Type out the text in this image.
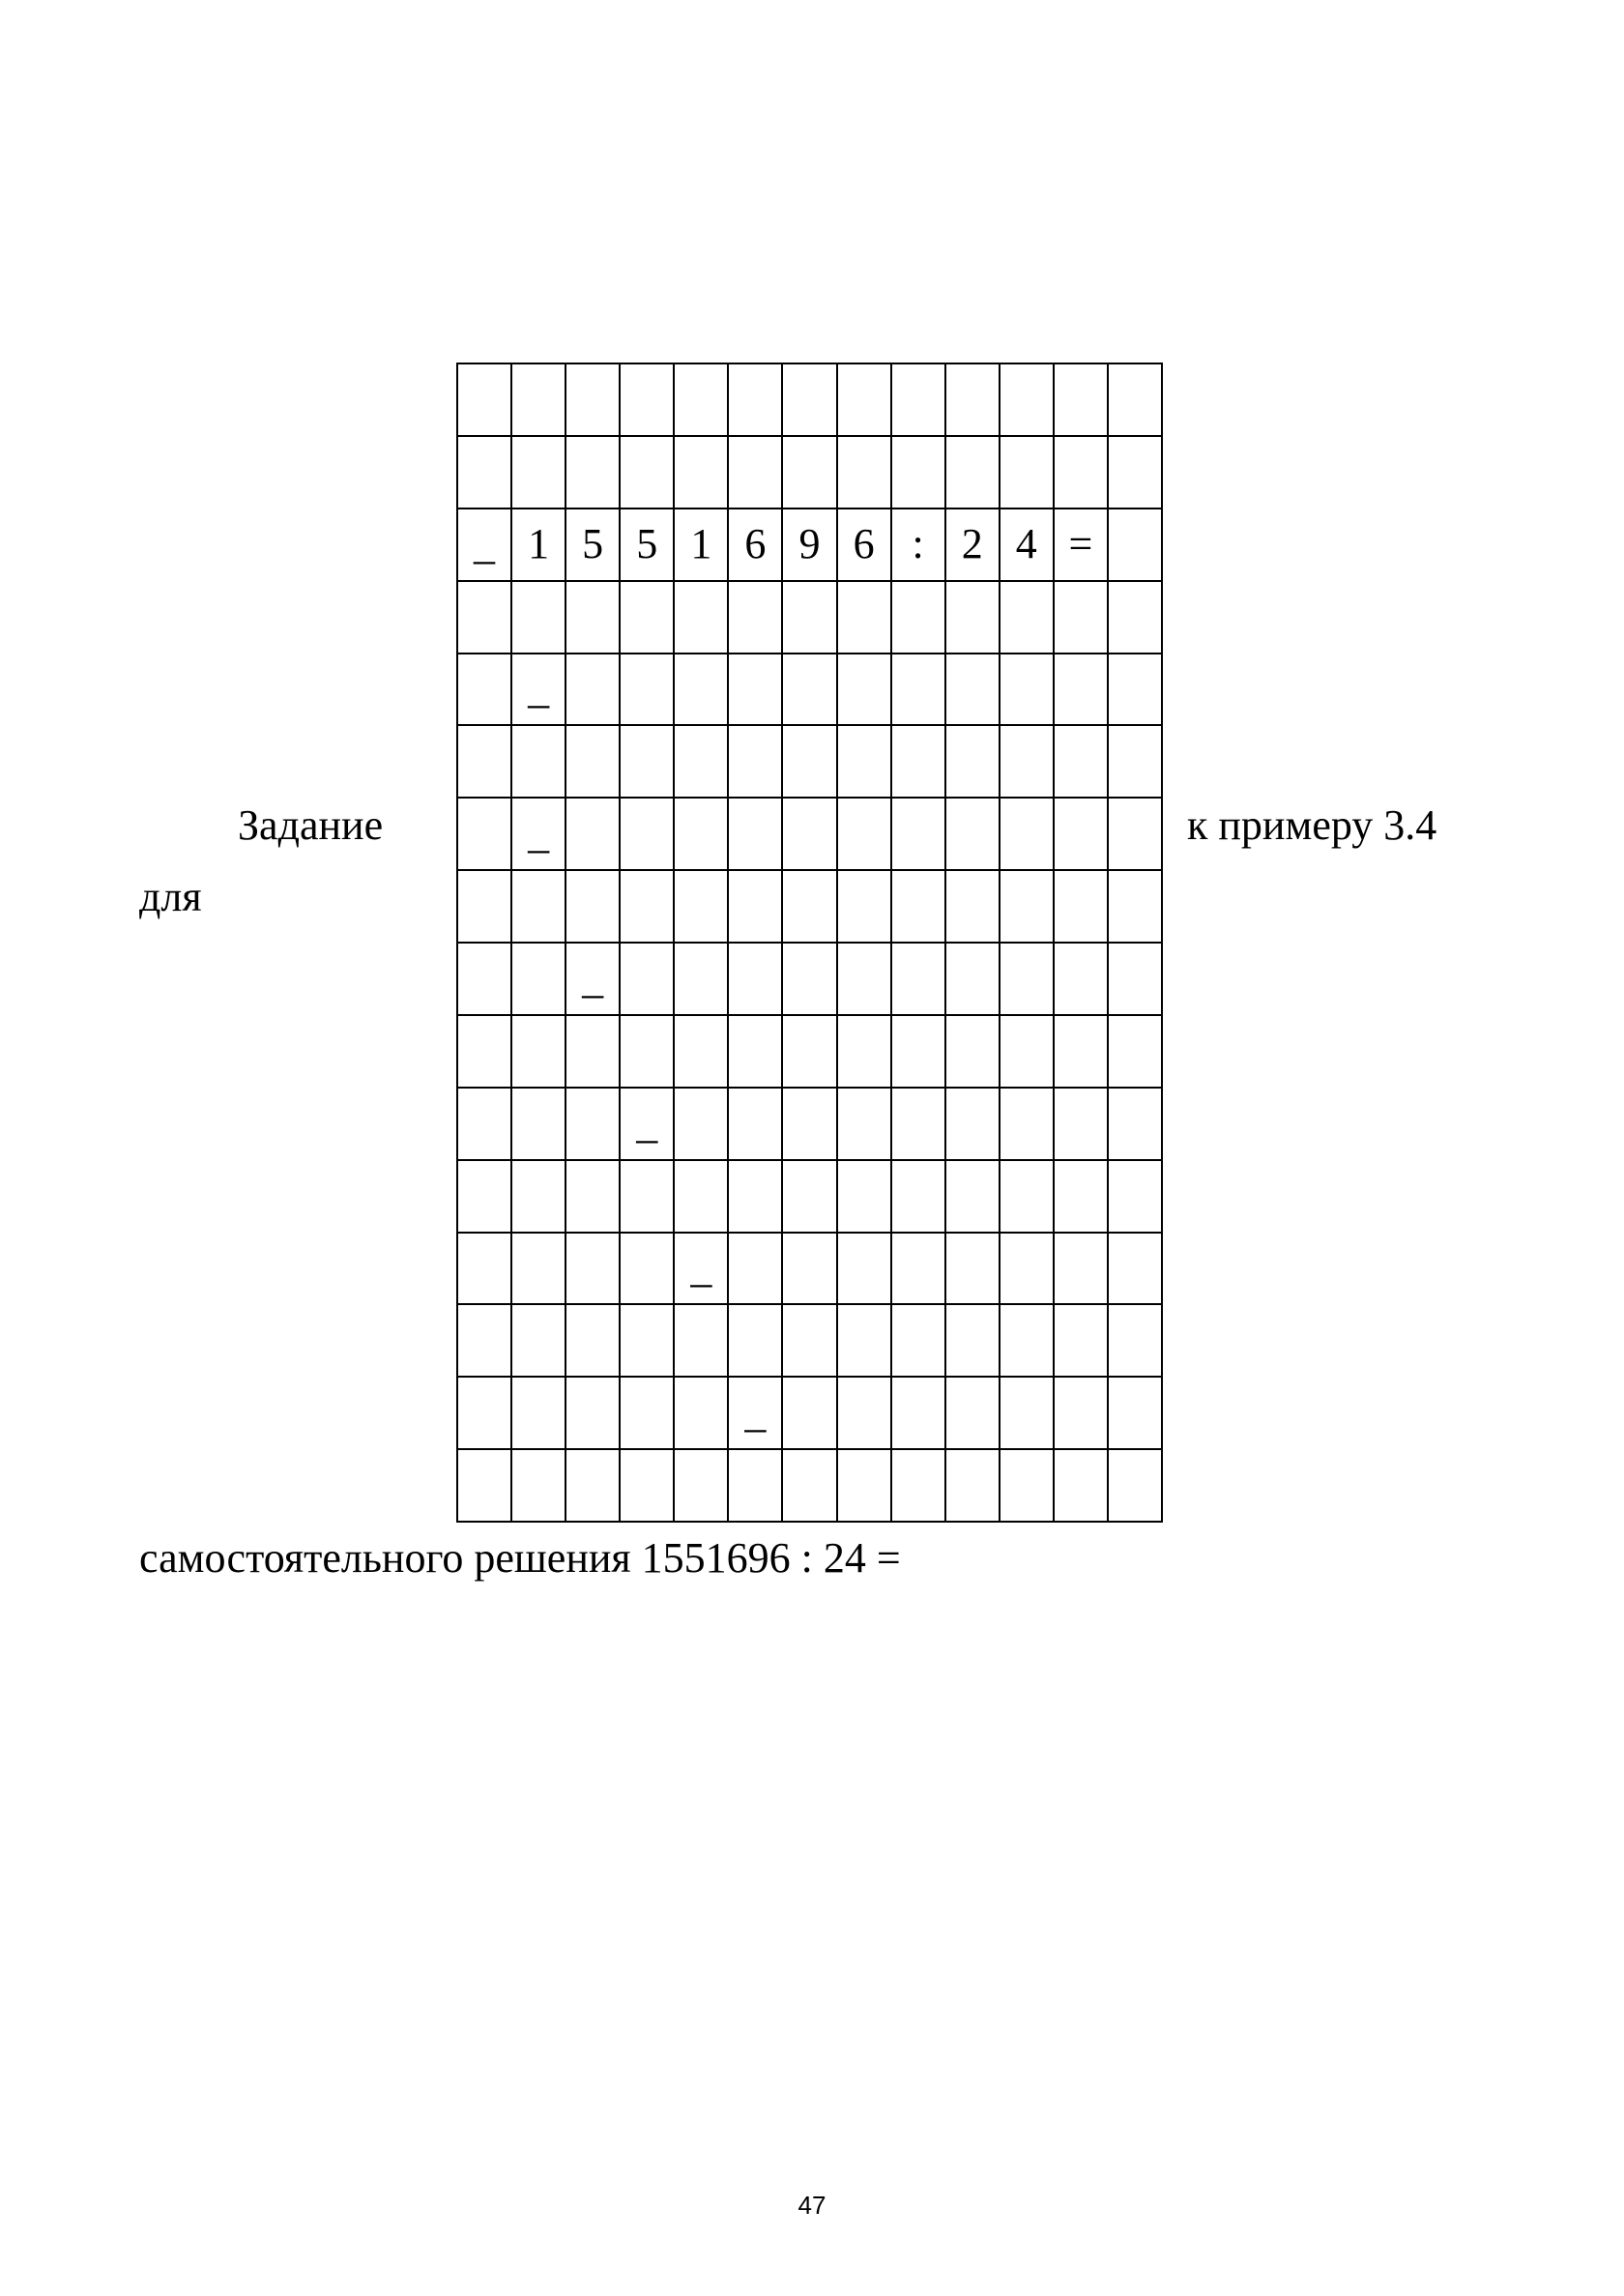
Задание
для
к примеру 3.4
_ 1 5 5 1 6 9 6 : 2 4 =
_
_
_
_
_
_
самостоятельного решения 1551696 : 24 =
47
